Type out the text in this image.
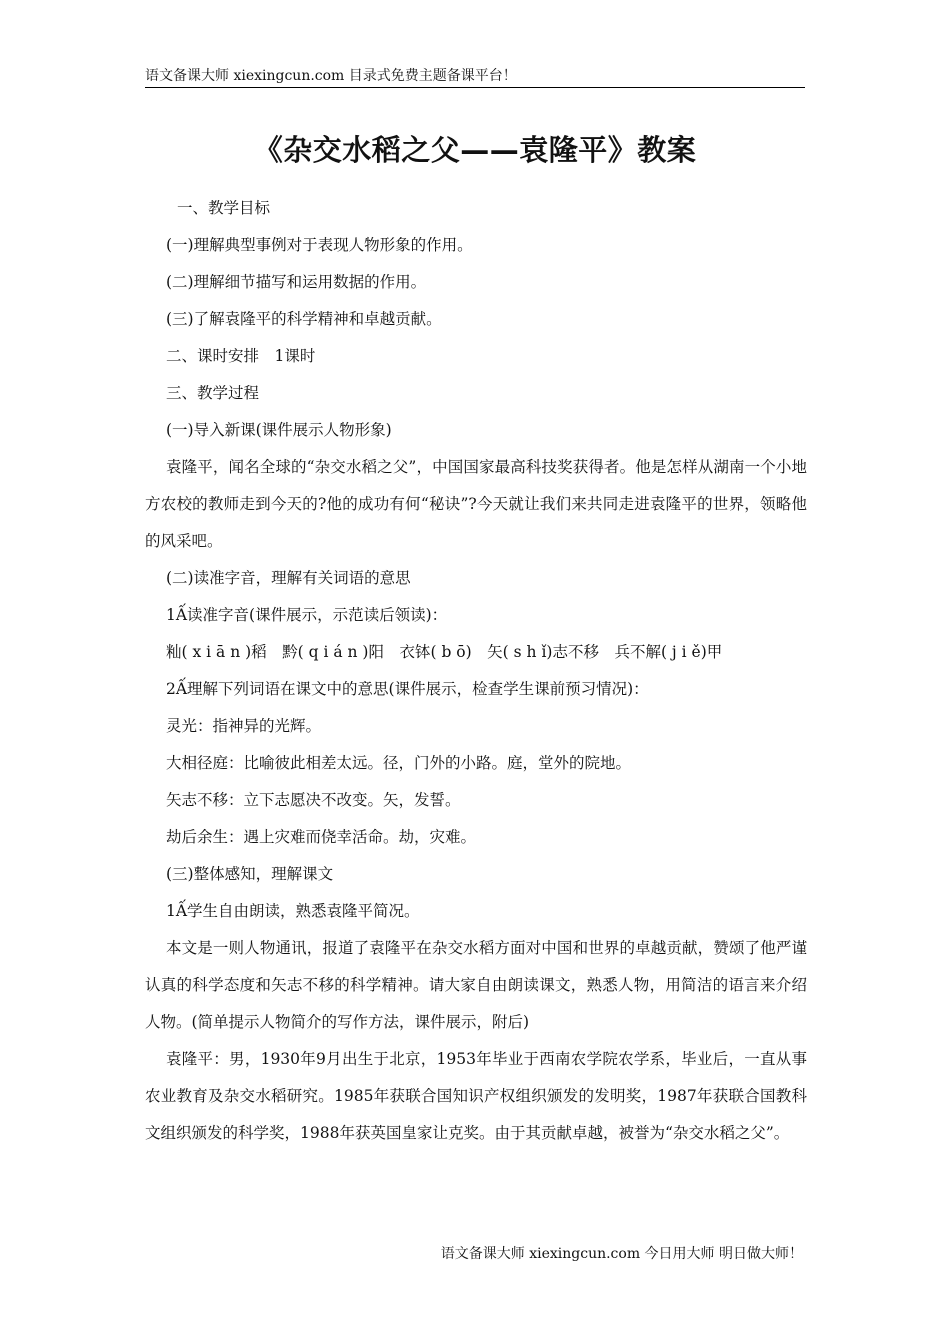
语文备课大师 xiexingcun.com 目录式免费主题备课平台！
《杂交水稻之父——袁隆平》教案

一、教学目标

(一)理解典型事例对于表现人物形象的作用。

(二)理解细节描写和运用数据的作用。

(三)了解袁隆平的科学精神和卓越贡献。

二、课时安排　1课时

三、教学过程

(一)导入新课(课件展示人物形象)

袁隆平，闻名全球的“杂交水稻之父”，中国国家最高科技奖获得者。他是怎样从湖南一个小地方农校的教师走到今天的?他的成功有何“秘诀”?今天就让我们来共同走进袁隆平的世界，领略他的风采吧。

(二)读准字音，理解有关词语的意思

1Ấ读准字音(课件展示，示范读后领读)：

籼( x i ā n )稻　黔( q i á n )阳　衣钵( b ō)　矢( s h ǐ)志不移　兵不解( j i ě)甲

2Ấ理解下列词语在课文中的意思(课件展示，检查学生课前预习情况)：

灵光：指神异的光辉。

大相径庭：比喻彼此相差太远。径，门外的小路。庭，堂外的院地。

矢志不移：立下志愿决不改变。矢，发誓。

劫后余生：遇上灾难而侥幸活命。劫，灾难。

(三)整体感知，理解课文

1Ấ学生自由朗读，熟悉袁隆平简况。

本文是一则人物通讯，报道了袁隆平在杂交水稻方面对中国和世界的卓越贡献，赞颂了他严谨认真的科学态度和矢志不移的科学精神。请大家自由朗读课文，熟悉人物，用简洁的语言来介绍人物。(简单提示人物简介的写作方法，课件展示，附后)

袁隆平：男，1930年9月出生于北京，1953年毕业于西南农学院农学系，毕业后，一直从事农业教育及杂交水稻研究。1985年获联合国知识产权组织颁发的发明奖，1987年获联合国教科文组织颁发的科学奖，1988年获英国皇家让克奖。由于其贡献卓越，被誉为“杂交水稻之父”。

语文备课大师 xiexingcun.com 今日用大师 明日做大师！
